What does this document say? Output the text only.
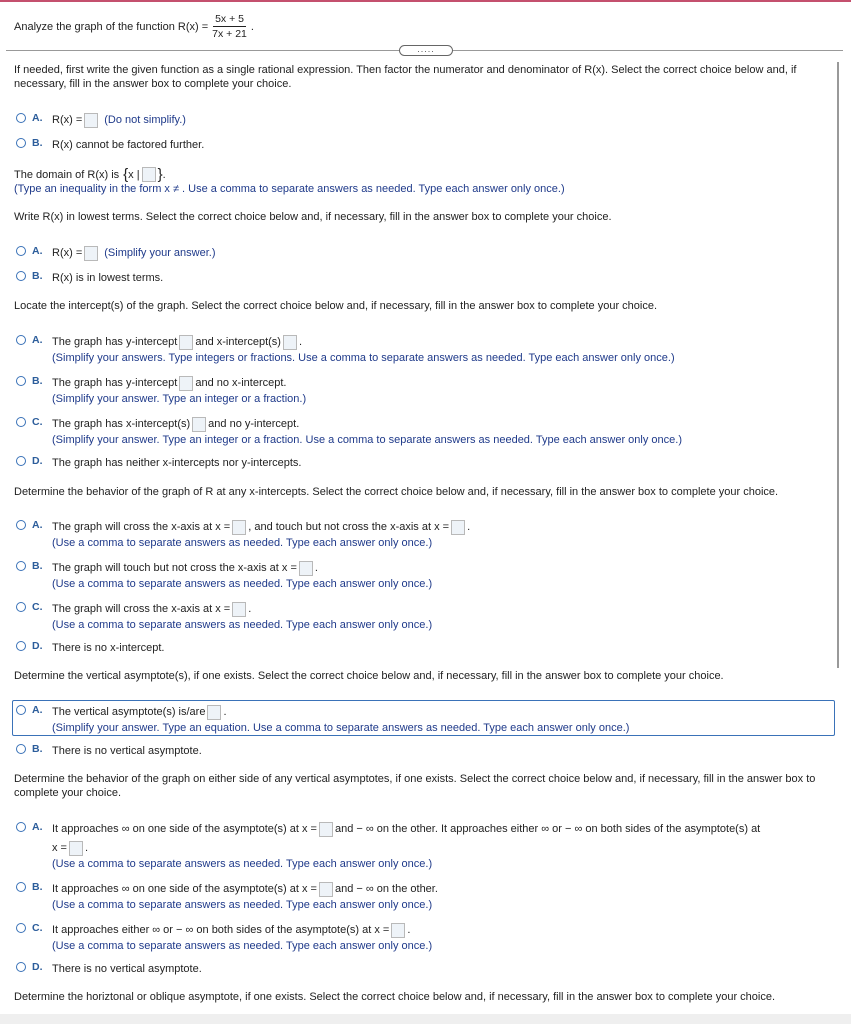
Analyze the graph of the function $R(x) = \frac{5x + 5}{7x + 21}$ .
.....
If needed, first write the given function as a single rational expression. Then factor the numerator and denominator of R(x). Select the correct choice below and, if necessary, fill in the answer box to complete your choice.
A. R(x) = (Do not simplify.)
B. R(x) cannot be factored further.
The domain of R(x) is { x | } .
(Type an inequality in the form x ≠ . Use a comma to separate answers as needed. Type each answer only once.)
Write R(x) in lowest terms. Select the correct choice below and, if necessary, fill in the answer box to complete your choice.
A. R(x) = (Simplify your answer.)
B. R(x) is in lowest terms.
Locate the intercept(s) of the graph. Select the correct choice below and, if necessary, fill in the answer box to complete your choice.
A. The graph has y-intercept and x-intercept(s) .
(Simplify your answers. Type integers or fractions. Use a comma to separate answers as needed. Type each answer only once.)
B. The graph has y-intercept and no x-intercept.
(Simplify your answer. Type an integer or a fraction.)
C. The graph has x-intercept(s) and no y-intercept.
(Simplify your answer. Type an integer or a fraction. Use a comma to separate answers as needed. Type each answer only once.)
D. The graph has neither x-intercepts nor y-intercepts.
Determine the behavior of the graph of R at any x-intercepts. Select the correct choice below and, if necessary, fill in the answer box to complete your choice.
A. The graph will cross the x-axis at x = , and touch but not cross the x-axis at x = .
(Use a comma to separate answers as needed. Type each answer only once.)
B. The graph will touch but not cross the x-axis at x = .
(Use a comma to separate answers as needed. Type each answer only once.)
C. The graph will cross the x-axis at x = .
(Use a comma to separate answers as needed. Type each answer only once.)
D. There is no x-intercept.
Determine the vertical asymptote(s), if one exists. Select the correct choice below and, if necessary, fill in the answer box to complete your choice.
A. The vertical asymptote(s) is/are .
(Simplify your answer. Type an equation. Use a comma to separate answers as needed. Type each answer only once.)
B. There is no vertical asymptote.
Determine the behavior of the graph on either side of any vertical asymptotes, if one exists. Select the correct choice below and, if necessary, fill in the answer box to complete your choice.
A. It approaches ∞ on one side of the asymptote(s) at x = and − ∞ on the other. It approaches either ∞ or − ∞ on both sides of the asymptote(s) at
x = .
(Use a comma to separate answers as needed. Type each answer only once.)
B. It approaches ∞ on one side of the asymptote(s) at x = and − ∞ on the other.
(Use a comma to separate answers as needed. Type each answer only once.)
C. It approaches either ∞ or − ∞ on both sides of the asymptote(s) at x = .
(Use a comma to separate answers as needed. Type each answer only once.)
D. There is no vertical asymptote.
Determine the horiztonal or oblique asymptote, if one exists. Select the correct choice below and, if necessary, fill in the answer box to complete your choice.
